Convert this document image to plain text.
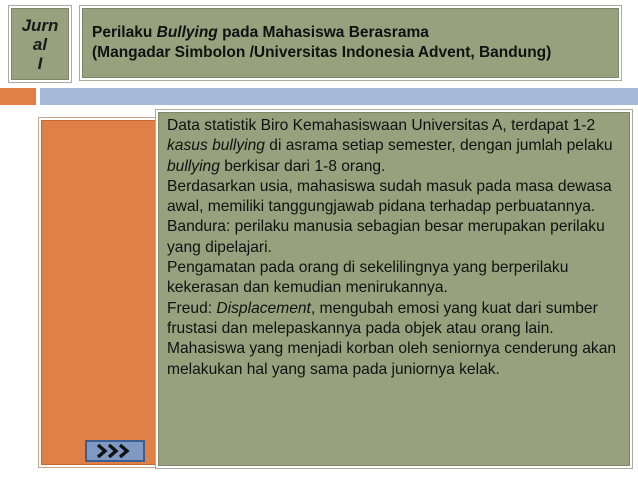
Jurn
al
I
Perilaku Bullying pada Mahasiswa Berasrama
(Mangadar Simbolon /Universitas Indonesia Advent, Bandung)

Data statistik Biro Kemahasiswaan Universitas A, terdapat 1-2 kasus bullying di asrama setiap semester, dengan jumlah pelaku bullying berkisar dari 1-8 orang.

Berdasarkan usia, mahasiswa sudah masuk pada masa dewasa awal, memiliki tanggungjawab pidana terhadap perbuatannya.

Bandura: perilaku manusia sebagian besar merupakan perilaku yang dipelajari.

Pengamatan pada orang di sekelilingnya yang berperilaku kekerasan dan kemudian menirukannya.

Freud: Displacement, mengubah emosi yang kuat dari sumber frustasi dan melepaskannya pada objek atau orang lain.

Mahasiswa yang menjadi korban oleh seniornya cenderung akan melakukan hal yang sama pada juniornya kelak.
